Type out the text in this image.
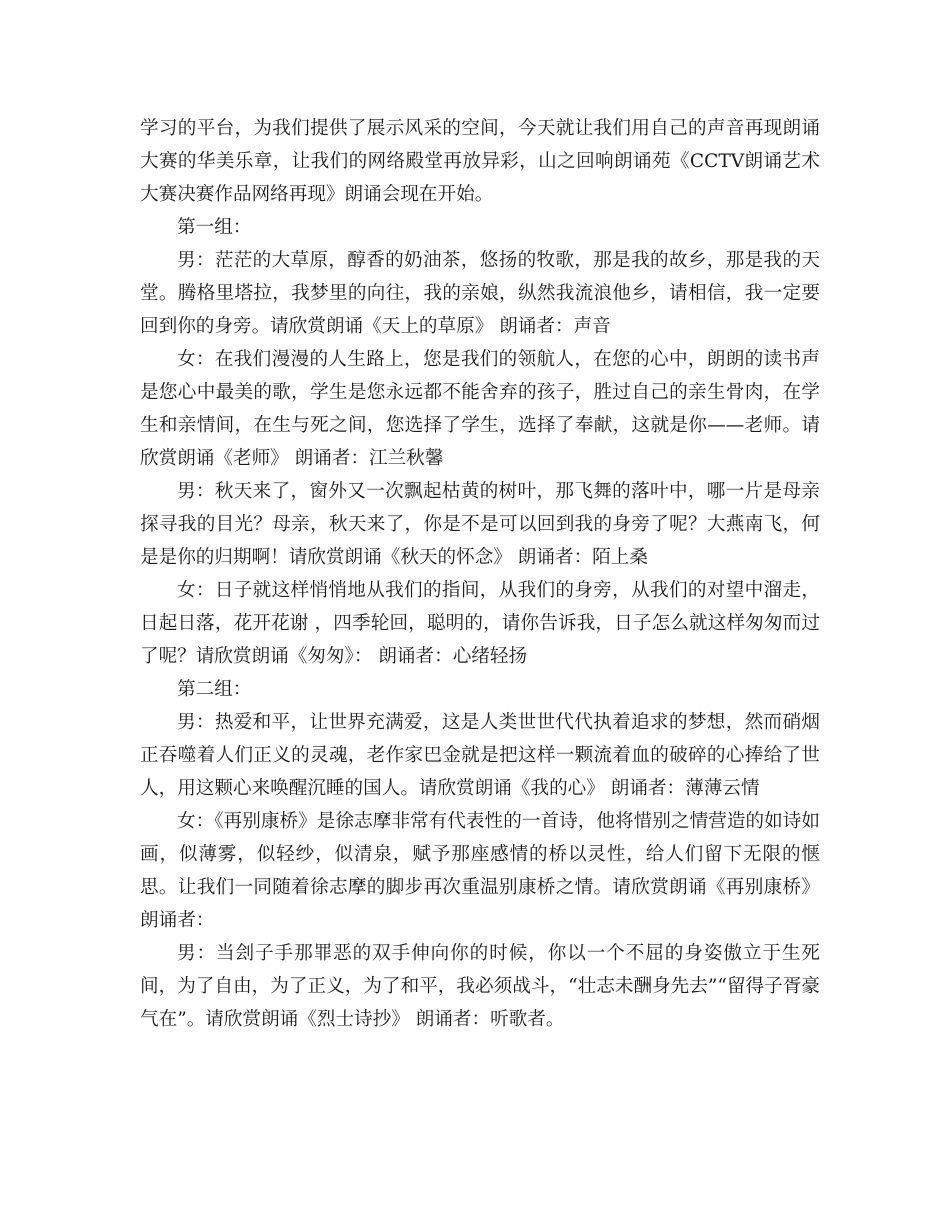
学习的平台，为我们提供了展示风采的空间，今天就让我们用自己的声音再现朗诵大赛的华美乐章，让我们的网络殿堂再放异彩，山之回响朗诵苑《CCTV朗诵艺术大赛决赛作品网络再现》朗诵会现在开始。

第一组：

男：茫茫的大草原，醇香的奶油茶，悠扬的牧歌，那是我的故乡，那是我的天堂。腾格里塔拉，我梦里的向往，我的亲娘，纵然我流浪他乡，请相信，我一定要回到你的身旁。请欣赏朗诵《天上的草原》 朗诵者：声音

女：在我们漫漫的人生路上，您是我们的领航人，在您的心中，朗朗的读书声是您心中最美的歌，学生是您永远都不能舍弃的孩子，胜过自己的亲生骨肉，在学生和亲情间，在生与死之间，您选择了学生，选择了奉献，这就是你——老师。请欣赏朗诵《老师》 朗诵者：江兰秋馨

男：秋天来了，窗外又一次飘起枯黄的树叶，那飞舞的落叶中，哪一片是母亲探寻我的目光？母亲，秋天来了，你是不是可以回到我的身旁了呢？大燕南飞，何是是你的归期啊！请欣赏朗诵《秋天的怀念》 朗诵者：陌上桑

女：日子就这样悄悄地从我们的指间，从我们的身旁，从我们的对望中溜走，日起日落，花开花谢 ，四季轮回，聪明的，请你告诉我，日子怎么就这样匆匆而过了呢？请欣赏朗诵《匆匆》： 朗诵者：心绪轻扬

第二组：

男：热爱和平，让世界充满爱，这是人类世世代代执着追求的梦想，然而硝烟正吞噬着人们正义的灵魂，老作家巴金就是把这样一颗流着血的破碎的心捧给了世人，用这颗心来唤醒沉睡的国人。请欣赏朗诵《我的心》 朗诵者：薄薄云情

女：《再别康桥》是徐志摩非常有代表性的一首诗，他将惜别之情营造的如诗如画，似薄雾，似轻纱，似清泉，赋予那座感情的桥以灵性，给人们留下无限的惬思。让我们一同随着徐志摩的脚步再次重温别康桥之情。请欣赏朗诵《再别康桥》 朗诵者：

男：当刽子手那罪恶的双手伸向你的时候，你以一个不屈的身姿傲立于生死间，为了自由，为了正义，为了和平，我必须战斗，“壮志未酬身先去”“留得子胥豪气在”。请欣赏朗诵《烈士诗抄》 朗诵者：听歌者。
